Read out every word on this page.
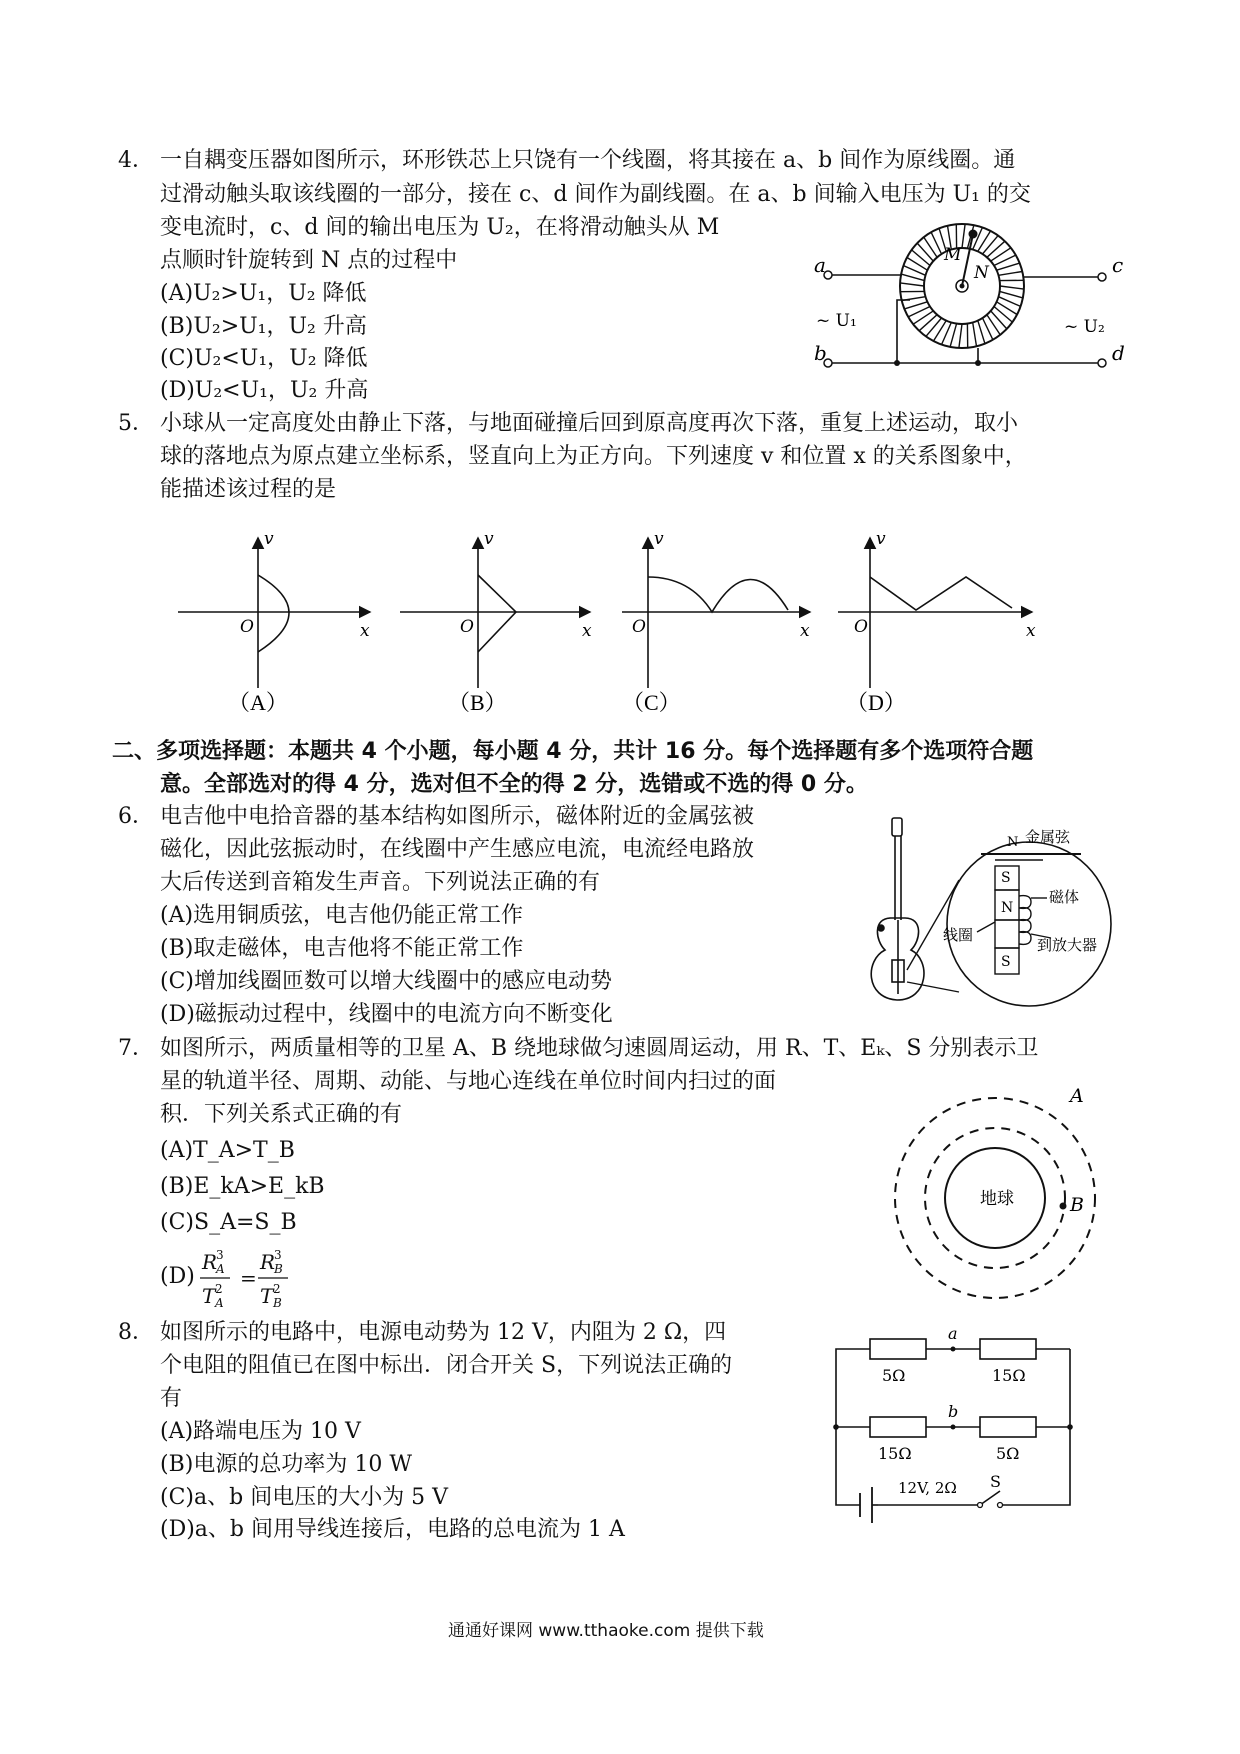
4． 一自耦变压器如图所示，环形铁芯上只饶有一个线圈，将其接在 a、b 间作为原线圈。通
过滑动触头取该线圈的一部分，接在 c、d 间作为副线圈。在 a、b 间输入电压为 U₁ 的交
变电流时，c、d 间的输出电压为 U₂，在将滑动触头从 M
点顺时针旋转到 N 点的过程中
(A)U₂>U₁，U₂ 降低
(B)U₂>U₁，U₂ 升高
(C)U₂<U₁，U₂ 降低
(D)U₂<U₁，U₂ 升高
a
b
c
d
M
N
~ U₁	~ U₂
5． 小球从一定高度处由静止下落，与地面碰撞后回到原高度再次下落，重复上述运动，取小
球的落地点为原点建立坐标系，竖直向上为正方向。下列速度 v 和位置 x 的关系图象中，
能描述该过程的是
v
x
O
v
x
O
v
x
O
v
x
O
（A）	（B）	（C）	（D）
二、多项选择题：本题共 4 个小题，每小题 4 分，共计 16 分。每个选择题有多个选项符合题
意。全部选对的得 4 分，选对但不全的得 2 分，选错或不选的得 0 分。
6． 电吉他中电拾音器的基本结构如图所示，磁体附近的金属弦被
磁化，因此弦振动时，在线圈中产生感应电流，电流经电路放
大后传送到音箱发生声音。下列说法正确的有
(A)选用铜质弦，电吉他仍能正常工作
(B)取走磁体，电吉他将不能正常工作
(C)增加线圈匝数可以增大线圈中的感应电动势
(D)磁振动过程中，线圈中的电流方向不断变化
金属弦
N
S
N
S
磁体
到放大器
线圈
7． 如图所示，两质量相等的卫星 A、B 绕地球做匀速圆周运动，用 R、T、Eₖ、S 分别表示卫
星的轨道半径、周期、动能、与地心连线在单位时间内扫过的面
积．下列关系式正确的有
(A)T_A>T_B
(B)E_kA>E_kB
(C)S_A=S_B
(D)
R
A
3
T A
2 =
R
B
3
T B
2
地球
A
B
8． 如图所示的电路中，电源电动势为 12 V，内阻为 2 Ω，四
个电阻的阻值已在图中标出．闭合开关 S，下列说法正确的
有
(A)路端电压为 10 V
(B)电源的总功率为 10 W
(C)a、b 间电压的大小为 5 V
(D)a、b 间用导线连接后，电路的总电流为 1 A
5Ω	15Ω
15Ω	5Ω
a
b
12V, 2Ω S
通通好课网 www.tthaoke.com 提供下载
